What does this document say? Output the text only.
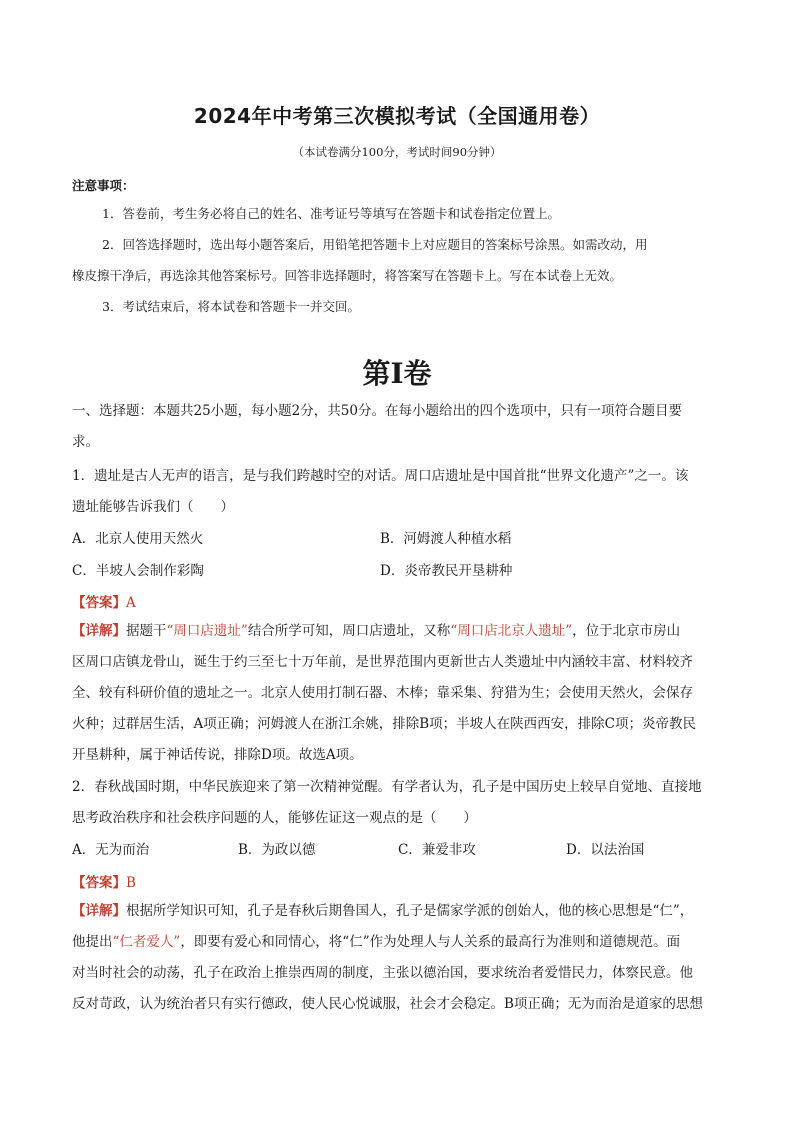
2024年中考第三次模拟考试（全国通用卷）
（本试卷满分100分，考试时间90分钟）
注意事项：
1．答卷前，考生务必将自己的姓名、准考证号等填写在答题卡和试卷指定位置上。
2．回答选择题时，选出每小题答案后，用铅笔把答题卡上对应题目的答案标号涂黑。如需改动，用
橡皮擦干净后，再选涂其他答案标号。回答非选择题时，将答案写在答题卡上。写在本试卷上无效。
3．考试结束后，将本试卷和答题卡一并交回。
第I卷
一、选择题：本题共25小题，每小题2分，共50分。在每小题给出的四个选项中，只有一项符合题目要
求。
1．遗址是古人无声的语言，是与我们跨越时空的对话。周口店遗址是中国首批“世界文化遗产”之一。该
遗址能够告诉我们（　　）
A．北京人使用天然火	B．河姆渡人种植水稻
C．半坡人会制作彩陶	D．炎帝教民开垦耕种
【答案】A
【详解】据题干“周口店遗址”结合所学可知，周口店遗址，又称“周口店北京人遗址”，位于北京市房山
区周口店镇龙骨山，诞生于约三至七十万年前，是世界范围内更新世古人类遗址中内涵较丰富、材料较齐
全、较有科研价值的遗址之一。北京人使用打制石器、木棒；靠采集、狩猎为生；会使用天然火，会保存
火种；过群居生活，A项正确；河姆渡人在浙江余姚，排除B项；半坡人在陕西西安，排除C项；炎帝教民
开垦耕种，属于神话传说，排除D项。故选A项。
2．春秋战国时期，中华民族迎来了第一次精神觉醒。有学者认为，孔子是中国历史上较早自觉地、直接地
思考政治秩序和社会秩序问题的人，能够佐证这一观点的是（　　）
A．无为而治	B．为政以德	C．兼爱非攻	D．以法治国
【答案】B
【详解】根据所学知识可知，孔子是春秋后期鲁国人，孔子是儒家学派的创始人，他的核心思想是“仁”，
他提出“仁者爱人”，即要有爱心和同情心，将“仁”作为处理人与人关系的最高行为准则和道德规范。面
对当时社会的动荡，孔子在政治上推崇西周的制度，主张以德治国，要求统治者爱惜民力，体察民意。他
反对苛政，认为统治者只有实行德政，使人民心悦诚服，社会才会稳定。B项正确；无为而治是道家的思想
